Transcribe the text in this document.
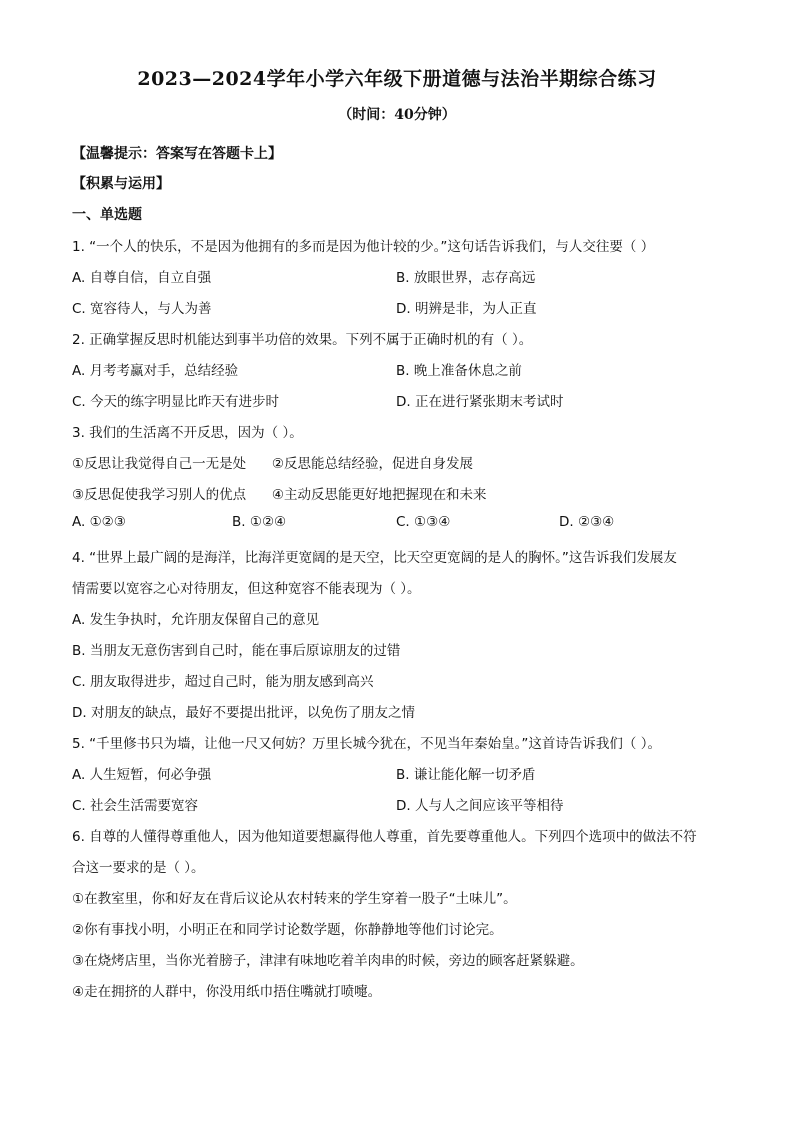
2023—2024学年小学六年级下册道德与法治半期综合练习
（时间：40分钟）
【温馨提示：答案写在答题卡上】
【积累与运用】
一、单选题
1. “一个人的快乐，不是因为他拥有的多而是因为他计较的少。”这句话告诉我们，与人交往要（ ）
A. 自尊自信，自立自强	B. 放眼世界，志存高远
C. 宽容待人，与人为善	D. 明辨是非，为人正直
2. 正确掌握反思时机能达到事半功倍的效果。下列不属于正确时机的有（ ）。
A. 月考考赢对手，总结经验	B. 晚上准备休息之前
C. 今天的练字明显比昨天有进步时	D. 正在进行紧张期末考试时
3. 我们的生活离不开反思，因为（ ）。
①反思让我觉得自己一无是处      ②反思能总结经验，促进自身发展
③反思促使我学习别人的优点      ④主动反思能更好地把握现在和未来
A. ①②③	B. ①②④	C. ①③④	D. ②③④
4. “世界上最广阔的是海洋，比海洋更宽阔的是天空，比天空更宽阔的是人的胸怀。”这告诉我们发展友
情需要以宽容之心对待朋友，但这种宽容不能表现为（ ）。
A. 发生争执时，允许朋友保留自己的意见
B. 当朋友无意伤害到自己时，能在事后原谅朋友的过错
C. 朋友取得进步，超过自己时，能为朋友感到高兴
D. 对朋友的缺点，最好不要提出批评，以免伤了朋友之情
5. “千里修书只为墙，让他一尺又何妨？万里长城今犹在，不见当年秦始皇。”这首诗告诉我们（ ）。
A. 人生短暂，何必争强	B. 谦让能化解一切矛盾
C. 社会生活需要宽容	D. 人与人之间应该平等相待
6. 自尊的人懂得尊重他人，因为他知道要想赢得他人尊重，首先要尊重他人。下列四个选项中的做法不符
合这一要求的是（ ）。
①在教室里，你和好友在背后议论从农村转来的学生穿着一股子“土味儿”。
②你有事找小明，小明正在和同学讨论数学题，你静静地等他们讨论完。
③在烧烤店里，当你光着膀子，津津有味地吃着羊肉串的时候，旁边的顾客赶紧躲避。
④走在拥挤的人群中，你没用纸巾捂住嘴就打喷嚏。
